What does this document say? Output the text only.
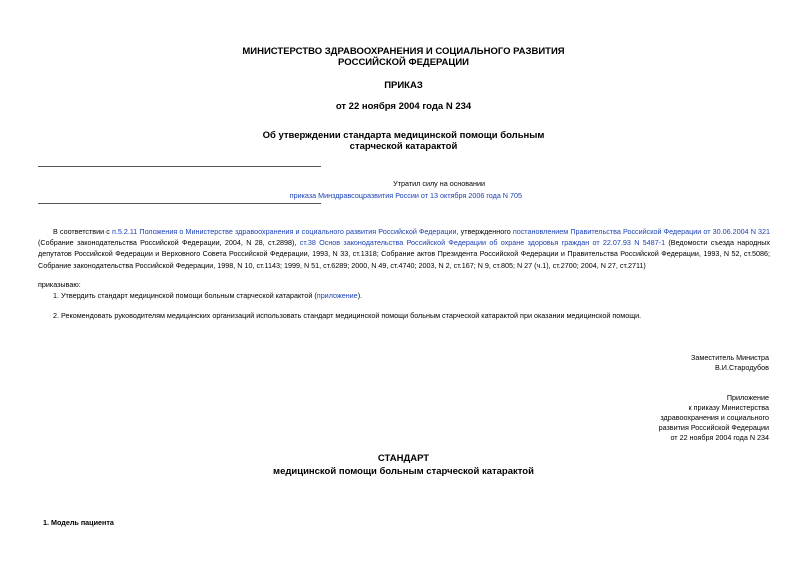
МИНИСТЕРСТВО ЗДРАВООХРАНЕНИЯ И СОЦИАЛЬНОГО РАЗВИТИЯ
РОССИЙСКОЙ ФЕДЕРАЦИИ
ПРИКАЗ
от 22 ноября 2004 года N 234
Об утверждении стандарта медицинской помощи больным
старческой катарактой
Утратил силу на основании
приказа Минздравсоцразвития России от 13 октября 2006 года N 705
В соответствии с п.5.2.11 Положения о Министерстве здравоохранения и социального развития Российской Федерации, утвержденного постановлением Правительства Российской Федерации от 30.06.2004 N 321 (Собрание законодательства Российской Федерации, 2004, N 28, ст.2898), ст.38 Основ законодательства Российской Федерации об охране здоровья граждан от 22.07.93 N 5487-1 (Ведомости съезда народных депутатов Российской Федерации и Верховного Совета Российской Федерации, 1993, N 33, ст.1318; Собрание актов Президента Российской Федерации и Правительства Российской Федерации, 1993, N 52, ст.5086; Собрание законодательства Российской Федерации, 1998, N 10, ст.1143; 1999, N 51, ст.6289; 2000, N 49, ст.4740; 2003, N 2, ст.167; N 9, ст.805; N 27 (ч.1), ст.2700; 2004, N 27, ст.2711)
приказываю:
1. Утвердить стандарт медицинской помощи больным старческой катарактой (приложение).
2. Рекомендовать руководителям медицинских организаций использовать стандарт медицинской помощи больным старческой катарактой при оказании медицинской помощи.
Заместитель Министра
В.И.Стародубов
Приложение
к приказу Министерства
здравоохранения и социального
развития Российской Федерации
от 22 ноября 2004 года N 234
СТАНДАРТ
медицинской помощи больным старческой катарактой
1. Модель пациента
